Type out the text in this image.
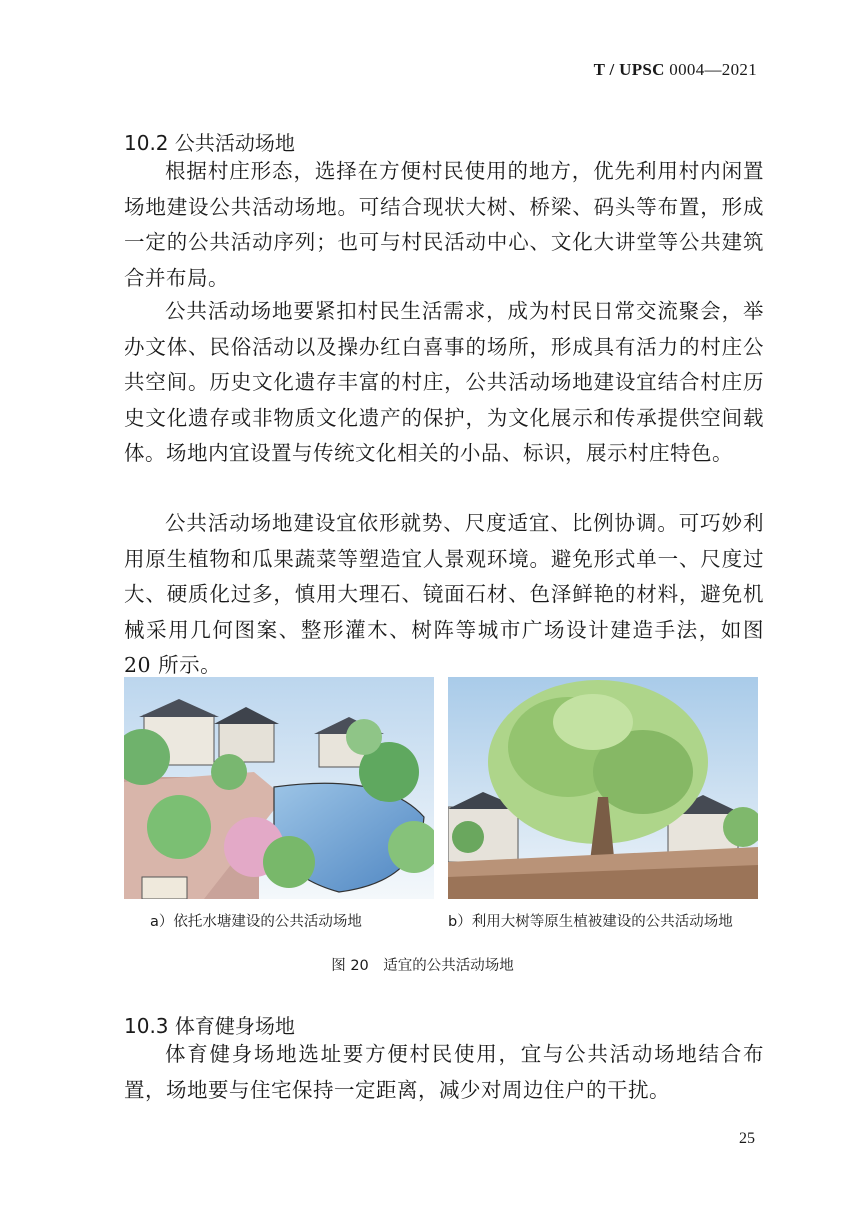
T / UPSC 0004—2021
10.2 公共活动场地
根据村庄形态，选择在方便村民使用的地方，优先利用村内闲置场地建设公共活动场地。可结合现状大树、桥梁、码头等布置，形成一定的公共活动序列；也可与村民活动中心、文化大讲堂等公共建筑合并布局。
公共活动场地要紧扣村民生活需求，成为村民日常交流聚会，举办文体、民俗活动以及操办红白喜事的场所，形成具有活力的村庄公共空间。历史文化遗存丰富的村庄，公共活动场地建设宜结合村庄历史文化遗存或非物质文化遗产的保护，为文化展示和传承提供空间载体。场地内宜设置与传统文化相关的小品、标识，展示村庄特色。
公共活动场地建设宜依形就势、尺度适宜、比例协调。可巧妙利用原生植物和瓜果蔬菜等塑造宜人景观环境。避免形式单一、尺度过大、硬质化过多，慎用大理石、镜面石材、色泽鲜艳的材料，避免机械采用几何图案、整形灌木、树阵等城市广场设计建造手法，如图 20 所示。
a）依托水塘建设的公共活动场地	b）利用大树等原生植被建设的公共活动场地
图 20　适宜的公共活动场地
10.3 体育健身场地
体育健身场地选址要方便村民使用，宜与公共活动场地结合布置，场地要与住宅保持一定距离，减少对周边住户的干扰。
25
